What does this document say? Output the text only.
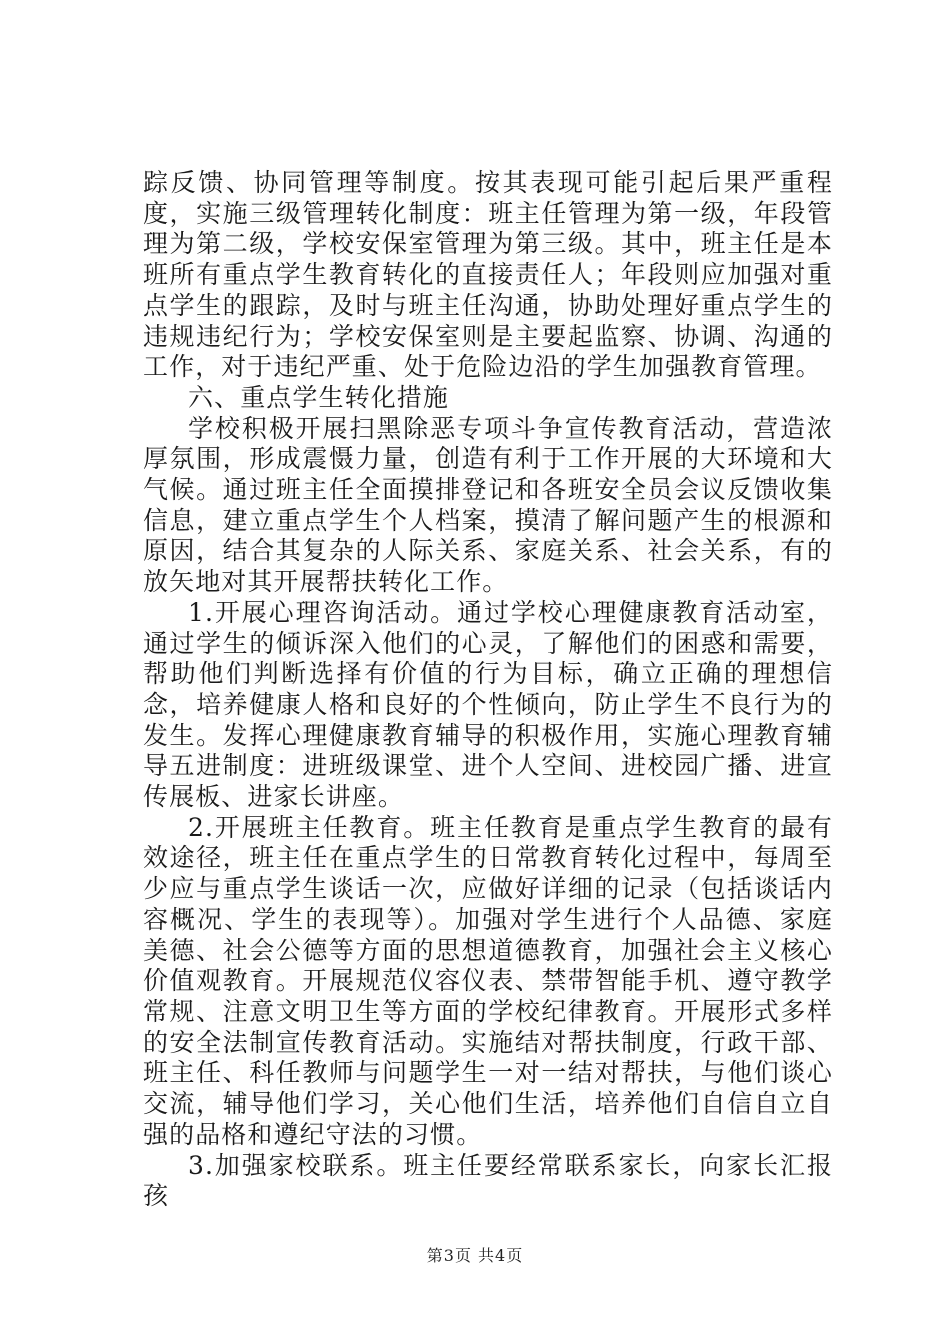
踪反馈、协同管理等制度。按其表现可能引起后果严重程度，实施三级管理转化制度：班主任管理为第一级，年段管理为第二级，学校安保室管理为第三级。其中，班主任是本班所有重点学生教育转化的直接责任人；年段则应加强对重点学生的跟踪，及时与班主任沟通，协助处理好重点学生的违规违纪行为；学校安保室则是主要起监察、协调、沟通的工作，对于违纪严重、处于危险边沿的学生加强教育管理。

六、重点学生转化措施

学校积极开展扫黑除恶专项斗争宣传教育活动，营造浓厚氛围，形成震慑力量，创造有利于工作开展的大环境和大气候。通过班主任全面摸排登记和各班安全员会议反馈收集信息，建立重点学生个人档案，摸清了解问题产生的根源和原因，结合其复杂的人际关系、家庭关系、社会关系，有的放矢地对其开展帮扶转化工作。

1.开展心理咨询活动。通过学校心理健康教育活动室，通过学生的倾诉深入他们的心灵，了解他们的困惑和需要，帮助他们判断选择有价值的行为目标，确立正确的理想信念，培养健康人格和良好的个性倾向，防止学生不良行为的发生。发挥心理健康教育辅导的积极作用，实施心理教育辅导五进制度：进班级课堂、进个人空间、进校园广播、进宣传展板、进家长讲座。

2.开展班主任教育。班主任教育是重点学生教育的最有效途径，班主任在重点学生的日常教育转化过程中，每周至少应与重点学生谈话一次，应做好详细的记录（包括谈话内容概况、学生的表现等）。加强对学生进行个人品德、家庭美德、社会公德等方面的思想道德教育，加强社会主义核心价值观教育。开展规范仪容仪表、禁带智能手机、遵守教学常规、注意文明卫生等方面的学校纪律教育。开展形式多样的安全法制宣传教育活动。实施结对帮扶制度，行政干部、班主任、科任教师与问题学生一对一结对帮扶，与他们谈心交流，辅导他们学习，关心他们生活，培养他们自信自立自强的品格和遵纪守法的习惯。

3.加强家校联系。班主任要经常联系家长，向家长汇报孩

第3页 共4页
